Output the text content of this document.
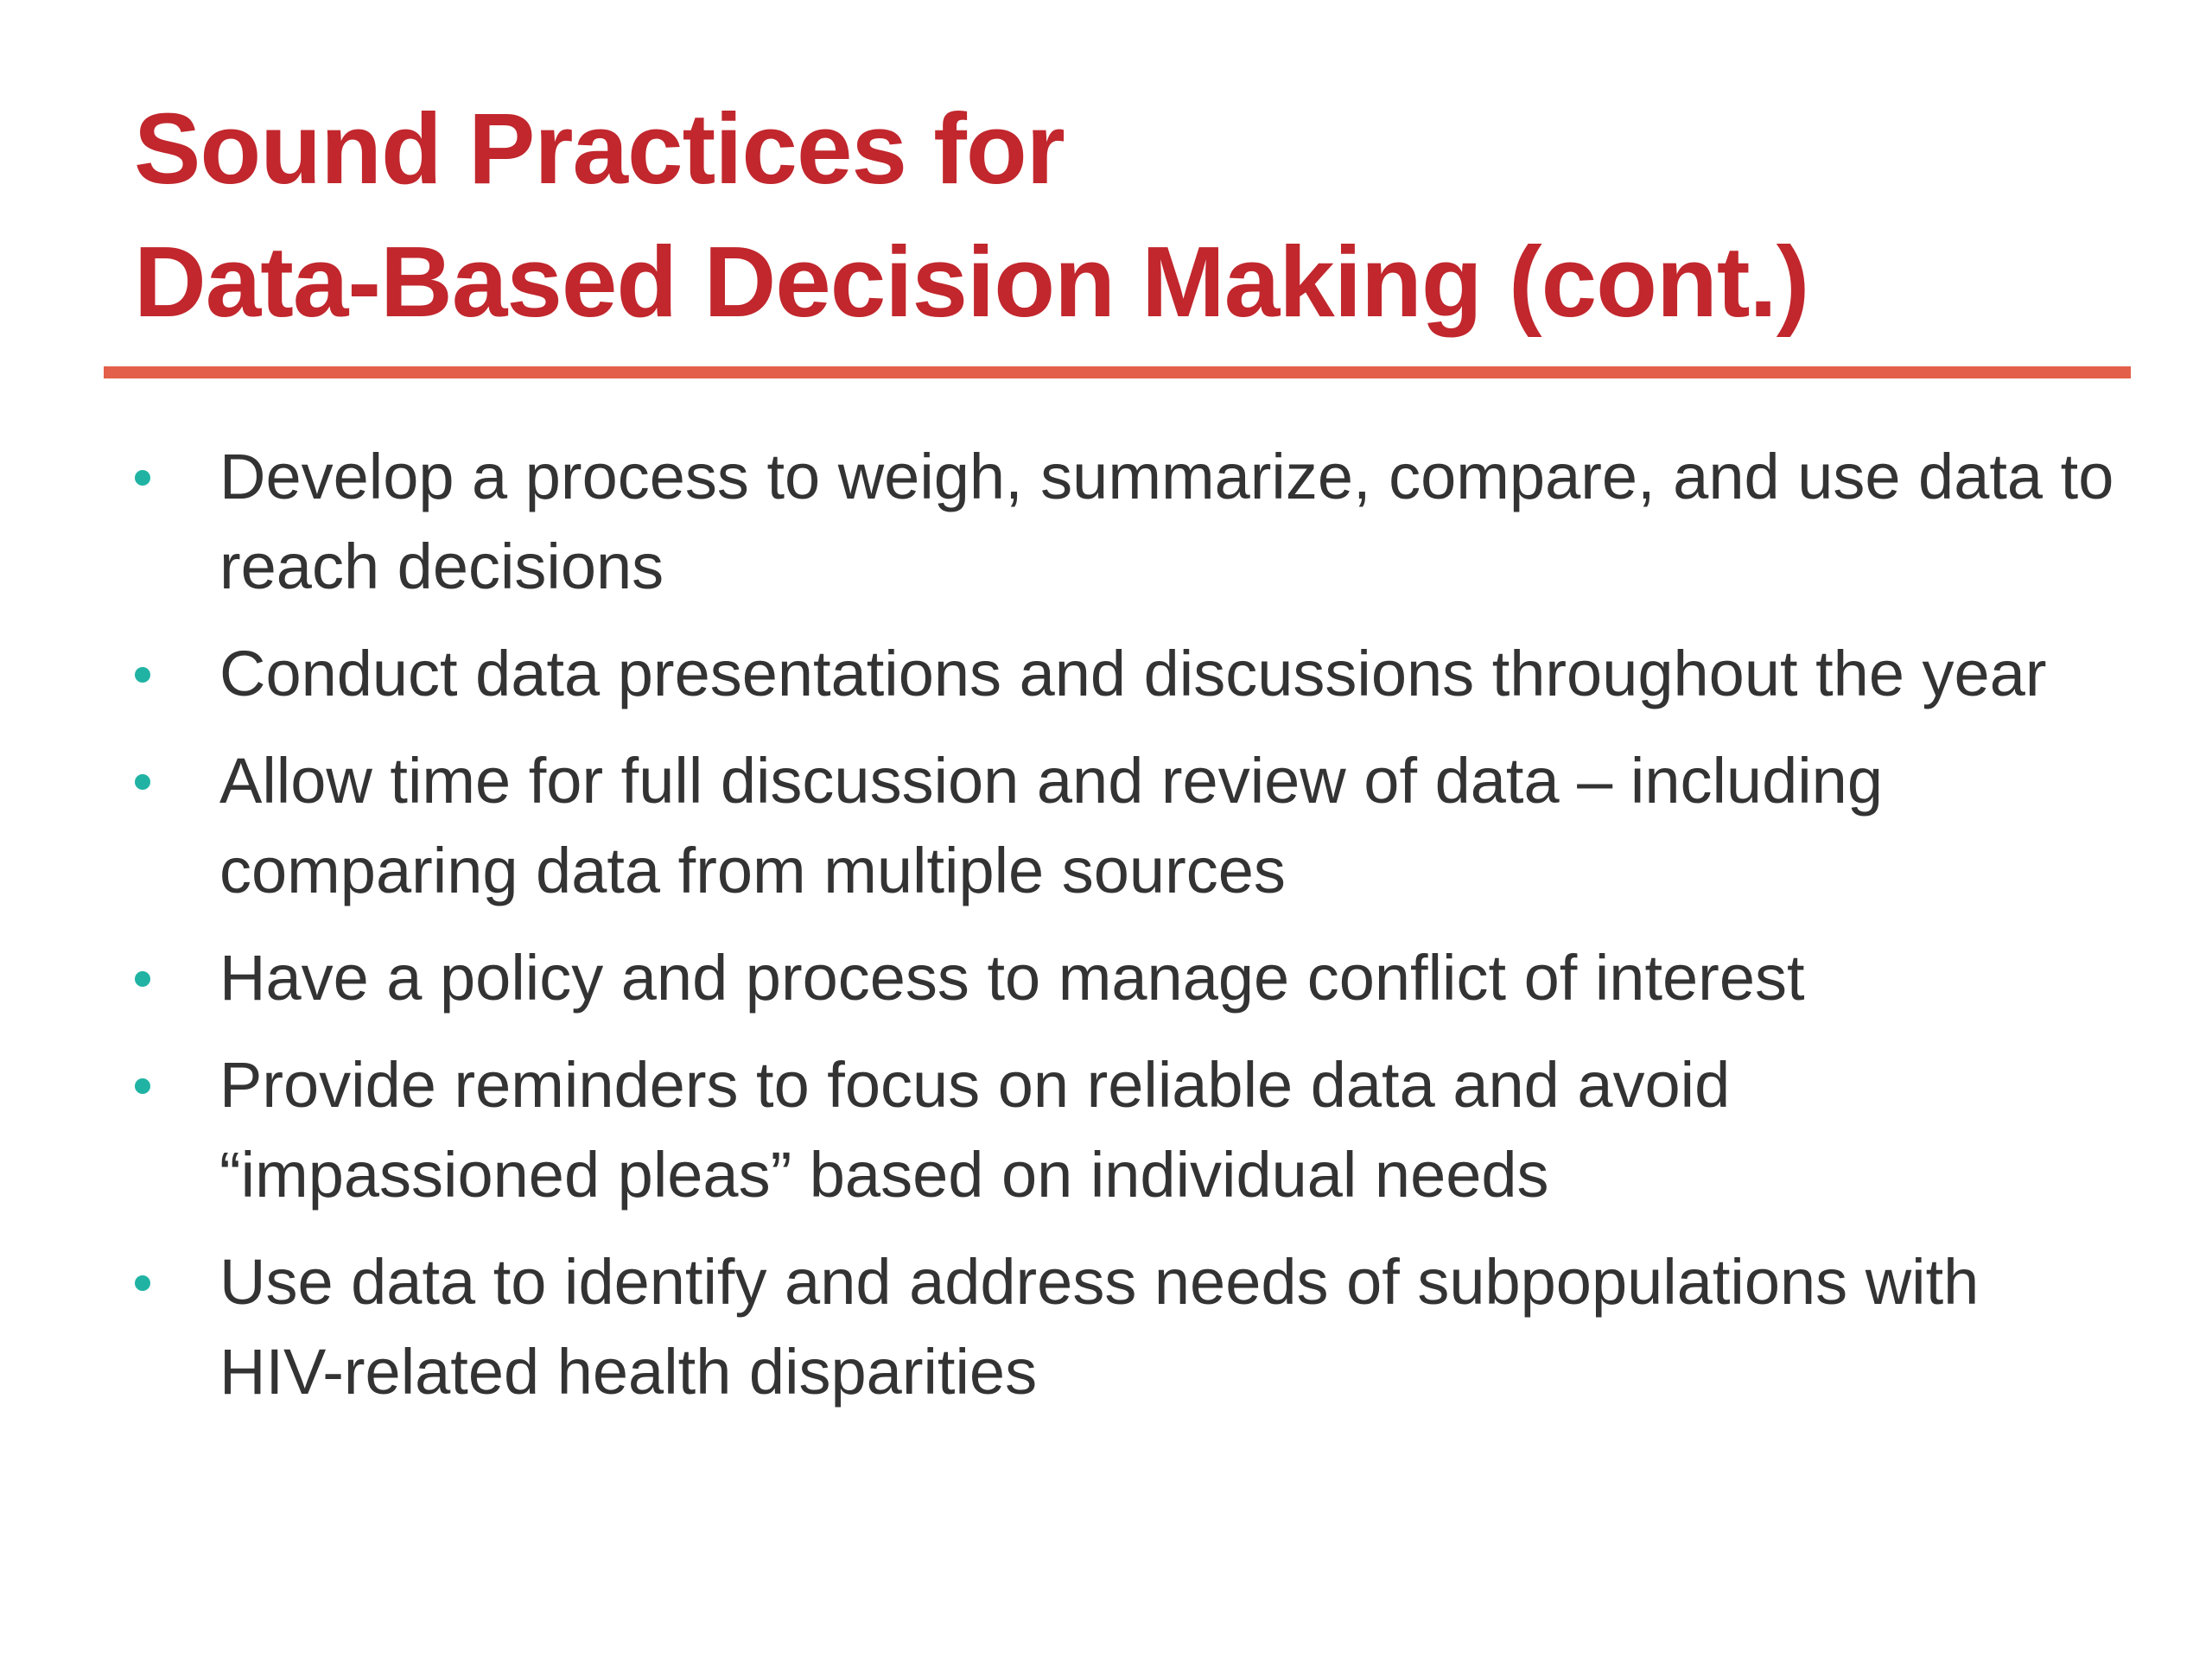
Sound Practices for
Data-Based Decision Making (cont.)
Develop a process to weigh, summarize, compare, and use data to reach decisions
Conduct data presentations and discussions throughout the year
Allow time for full discussion and review of data – including comparing data from multiple sources
Have a policy and process to manage conflict of interest
Provide reminders to focus on reliable data and avoid “impassioned pleas” based on individual needs
Use data to identify and address needs of subpopulations with HIV-related health disparities
